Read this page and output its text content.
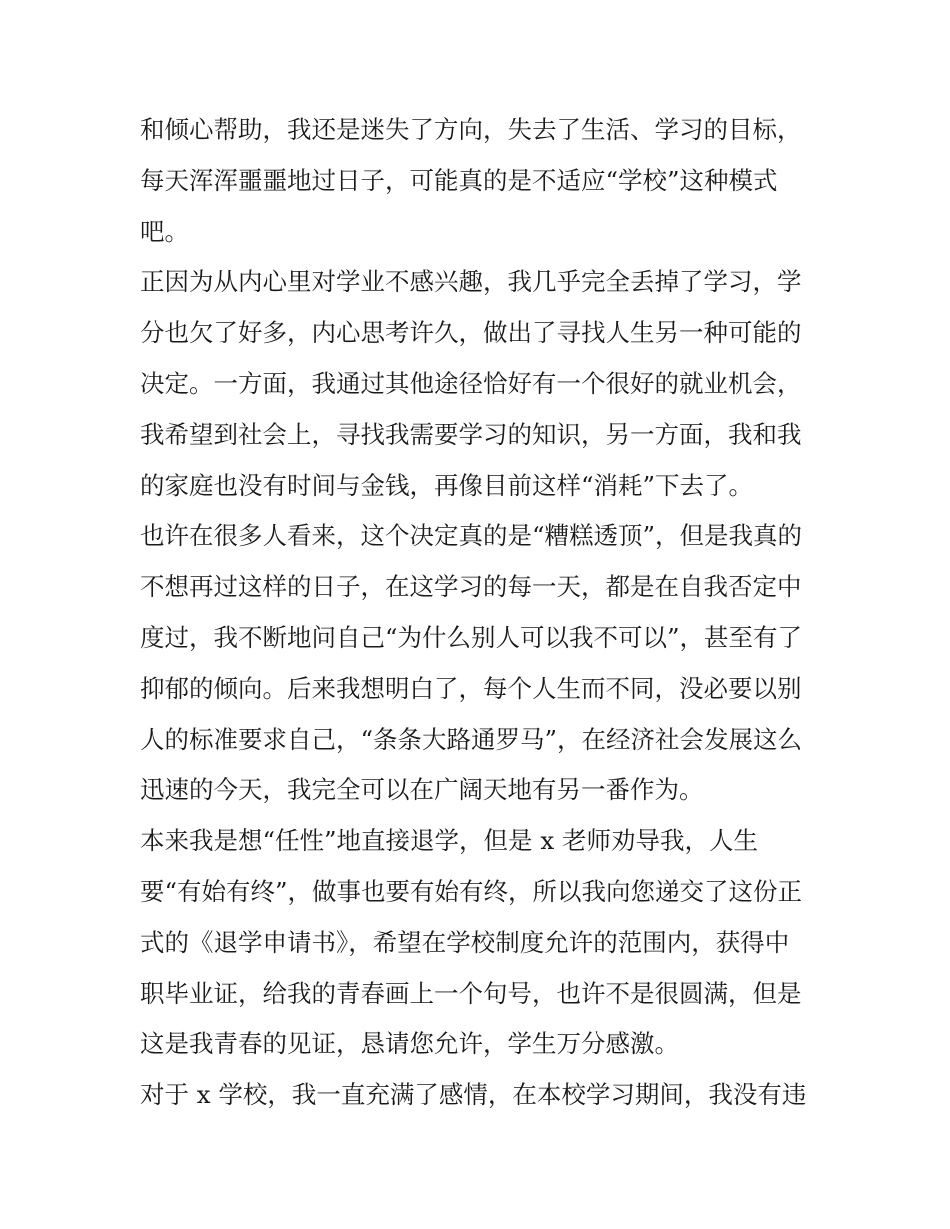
和倾心帮助，我还是迷失了方向，失去了生活、学习的目标，
每天浑浑噩噩地过日子，可能真的是不适应“学校”这种模式
吧。
正因为从内心里对学业不感兴趣，我几乎完全丢掉了学习，学
分也欠了好多，内心思考许久，做出了寻找人生另一种可能的
决定。一方面，我通过其他途径恰好有一个很好的就业机会，
我希望到社会上，寻找我需要学习的知识，另一方面，我和我
的家庭也没有时间与金钱，再像目前这样“消耗”下去了。
也许在很多人看来，这个决定真的是“糟糕透顶”，但是我真的
不想再过这样的日子，在这学习的每一天，都是在自我否定中
度过，我不断地问自己“为什么别人可以我不可以”，甚至有了
抑郁的倾向。后来我想明白了，每个人生而不同，没必要以别
人的标准要求自己，“条条大路通罗马”，在经济社会发展这么
迅速的今天，我完全可以在广阔天地有另一番作为。
本来我是想“任性”地直接退学，但是 x 老师劝导我，人生
要“有始有终”，做事也要有始有终，所以我向您递交了这份正
式的《退学申请书》，希望在学校制度允许的范围内，获得中
职毕业证，给我的青春画上一个句号，也许不是很圆满，但是
这是我青春的见证，恳请您允许，学生万分感激。
对于 x 学校，我一直充满了感情，在本校学习期间，我没有违
